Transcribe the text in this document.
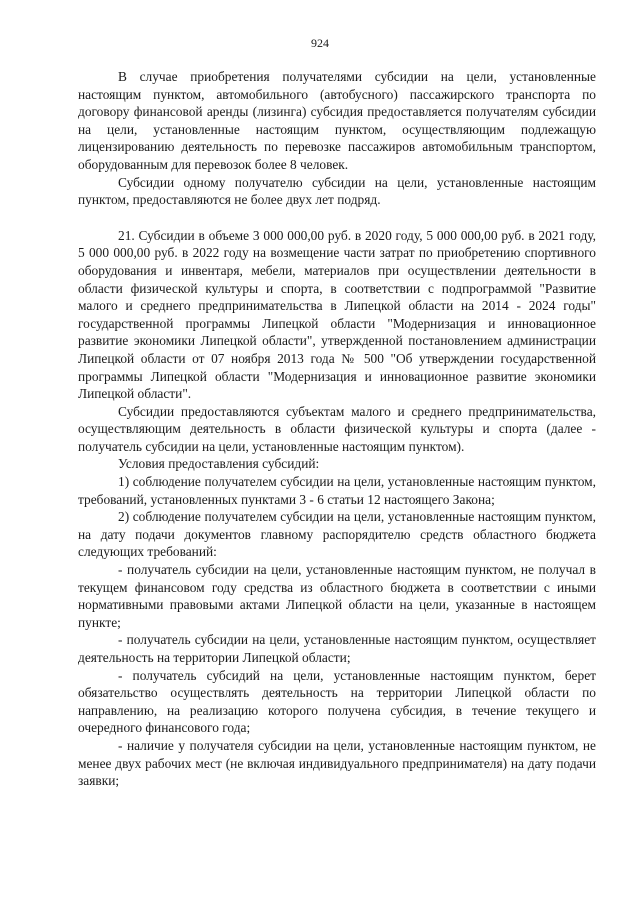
924

В случае приобретения получателями субсидии на цели, установленные настоящим пунктом, автомобильного (автобусного) пассажирского транспорта по договору финансовой аренды (лизинга) субсидия предоставляется получателям субсидии на цели, установленные настоящим пунктом, осуществляющим подлежащую лицензированию деятельность по перевозке пассажиров автомобильным транспортом, оборудованным для перевозок более 8 человек.

Субсидии одному получателю субсидии на цели, установленные настоящим пунктом, предоставляются не более двух лет подряд.

21. Субсидии в объеме 3 000 000,00 руб. в 2020 году, 5 000 000,00 руб. в 2021 году, 5 000 000,00 руб. в 2022 году на возмещение части затрат по приобретению спортивного оборудования и инвентаря, мебели, материалов при осуществлении деятельности в области физической культуры и спорта, в соответствии с подпрограммой "Развитие малого и среднего предпринимательства в Липецкой области на 2014 - 2024 годы" государственной программы Липецкой области "Модернизация и инновационное развитие экономики Липецкой области", утвержденной постановлением администрации Липецкой области от 07 ноября 2013 года № 500 "Об утверждении государственной программы Липецкой области "Модернизация и инновационное развитие экономики Липецкой области".

Субсидии предоставляются субъектам малого и среднего предпринимательства, осуществляющим деятельность в области физической культуры и спорта (далее - получатель субсидии на цели, установленные настоящим пунктом).

Условия предоставления субсидий:

1) соблюдение получателем субсидии на цели, установленные настоящим пунктом, требований, установленных пунктами 3 - 6 статьи 12 настоящего Закона;

2) соблюдение получателем субсидии на цели, установленные настоящим пунктом, на дату подачи документов главному распорядителю средств областного бюджета следующих требований:

- получатель субсидии на цели, установленные настоящим пунктом, не получал в текущем финансовом году средства из областного бюджета в соответствии с иными нормативными правовыми актами Липецкой области на цели, указанные в настоящем пункте;

- получатель субсидии на цели, установленные настоящим пунктом, осуществляет деятельность на территории Липецкой области;

- получатель субсидий на цели, установленные настоящим пунктом, берет обязательство осуществлять деятельность на территории Липецкой области по направлению, на реализацию которого получена субсидия, в течение текущего и очередного финансового года;

- наличие у получателя субсидии на цели, установленные настоящим пунктом, не менее двух рабочих мест (не включая индивидуального предпринимателя) на дату подачи заявки;
